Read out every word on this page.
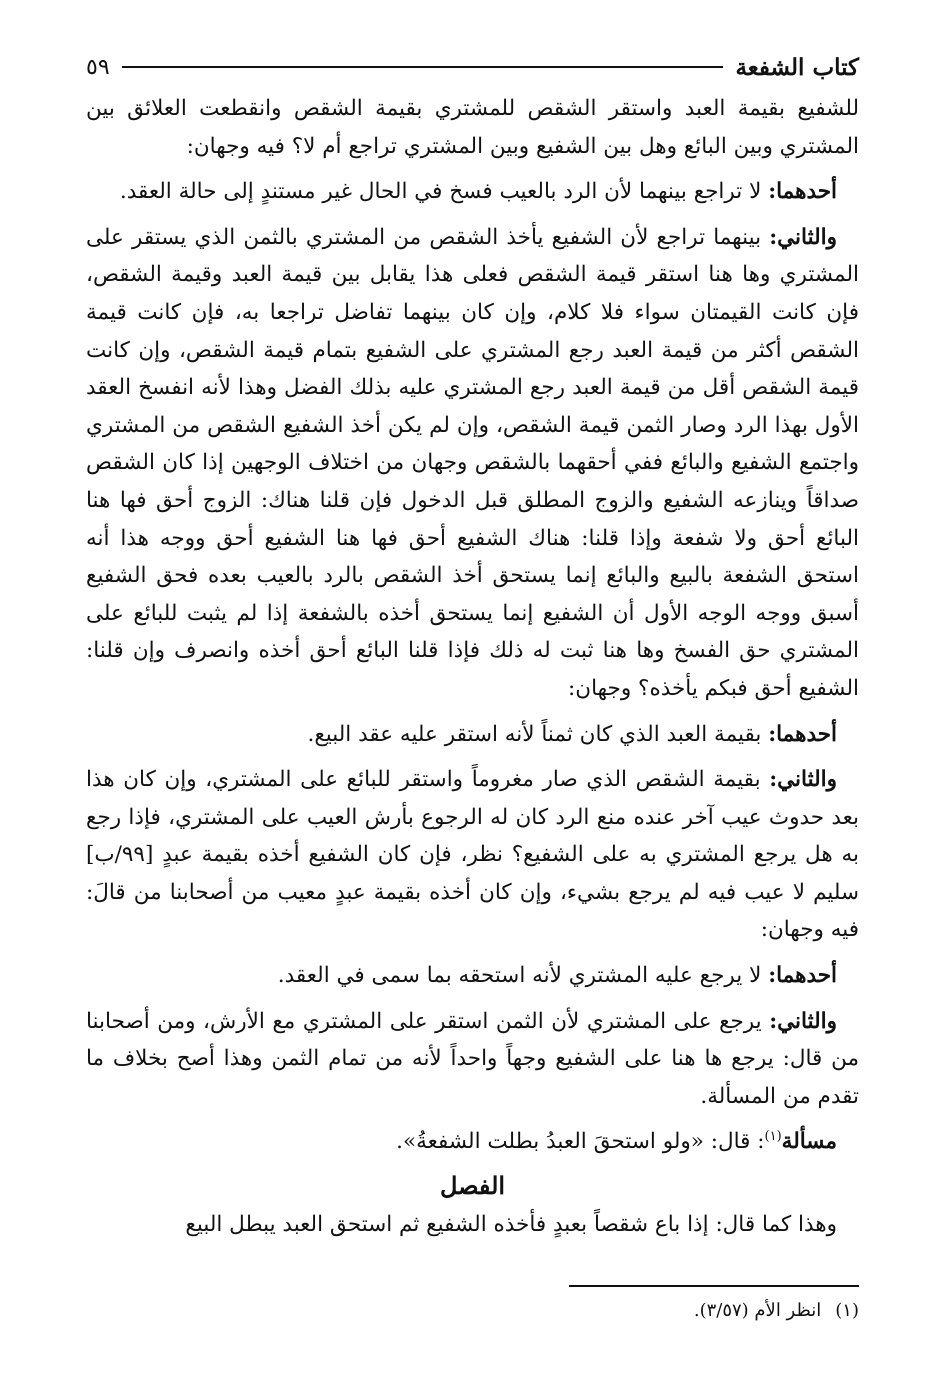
كتاب الشفعة
٥٩

للشفيع بقيمة العبد واستقر الشقص للمشتري بقيمة الشقص وانقطعت العلائق بين المشتري وبين البائع وهل بين الشفيع وبين المشتري تراجع أم لا؟ فيه وجهان:

أحدهما: لا تراجع بينهما لأن الرد بالعيب فسخ في الحال غير مستندٍ إلى حالة العقد.

والثاني: بينهما تراجع لأن الشفيع يأخذ الشقص من المشتري بالثمن الذي يستقر على المشتري وها هنا استقر قيمة الشقص فعلى هذا يقابل بين قيمة العبد وقيمة الشقص، فإن كانت القيمتان سواء فلا كلام، وإن كان بينهما تفاضل تراجعا به، فإن كانت قيمة الشقص أكثر من قيمة العبد رجع المشتري على الشفيع بتمام قيمة الشقص، وإن كانت قيمة الشقص أقل من قيمة العبد رجع المشتري عليه بذلك الفضل وهذا لأنه انفسخ العقد الأول بهذا الرد وصار الثمن قيمة الشقص، وإن لم يكن أخذ الشفيع الشقص من المشتري واجتمع الشفيع والبائع ففي أحقهما بالشقص وجهان من اختلاف الوجهين إذا كان الشقص صداقاً وينازعه الشفيع والزوج المطلق قبل الدخول فإن قلنا هناك: الزوج أحق فها هنا البائع أحق ولا شفعة وإذا قلنا: هناك الشفيع أحق فها هنا الشفيع أحق ووجه هذا أنه استحق الشفعة بالبيع والبائع إنما يستحق أخذ الشقص بالرد بالعيب بعده فحق الشفيع أسبق ووجه الوجه الأول أن الشفيع إنما يستحق أخذه بالشفعة إذا لم يثبت للبائع على المشتري حق الفسخ وها هنا ثبت له ذلك فإذا قلنا البائع أحق أخذه وانصرف وإن قلنا: الشفيع أحق فبكم يأخذه؟ وجهان:

أحدهما: بقيمة العبد الذي كان ثمناً لأنه استقر عليه عقد البيع.

والثاني: بقيمة الشقص الذي صار مغروماً واستقر للبائع على المشتري، وإن كان هذا بعد حدوث عيب آخر عنده منع الرد كان له الرجوع بأرش العيب على المشتري، فإذا رجع به هل يرجع المشتري به على الشفيع؟ نظر، فإن كان الشفيع أخذه بقيمة عبدٍ [٩٩/ب] سليم لا عيب فيه لم يرجع بشيء، وإن كان أخذه بقيمة عبدٍ معيب من أصحابنا من قالَ: فيه وجهان:

أحدهما: لا يرجع عليه المشتري لأنه استحقه بما سمى في العقد.

والثاني: يرجع على المشتري لأن الثمن استقر على المشتري مع الأرش، ومن أصحابنا من قال: يرجع ها هنا على الشفيع وجهاً واحداً لأنه من تمام الثمن وهذا أصح بخلاف ما تقدم من المسألة.

مسألة$^{(١)}$: قال: «ولو استحقَ العبدُ بطلت الشفعةُ».

الفصل

وهذا كما قال: إذا باع شقصاً بعبدٍ فأخذه الشفيع ثم استحق العبد يبطل البيع

(١)انظر الأم (٣/٥٧).
